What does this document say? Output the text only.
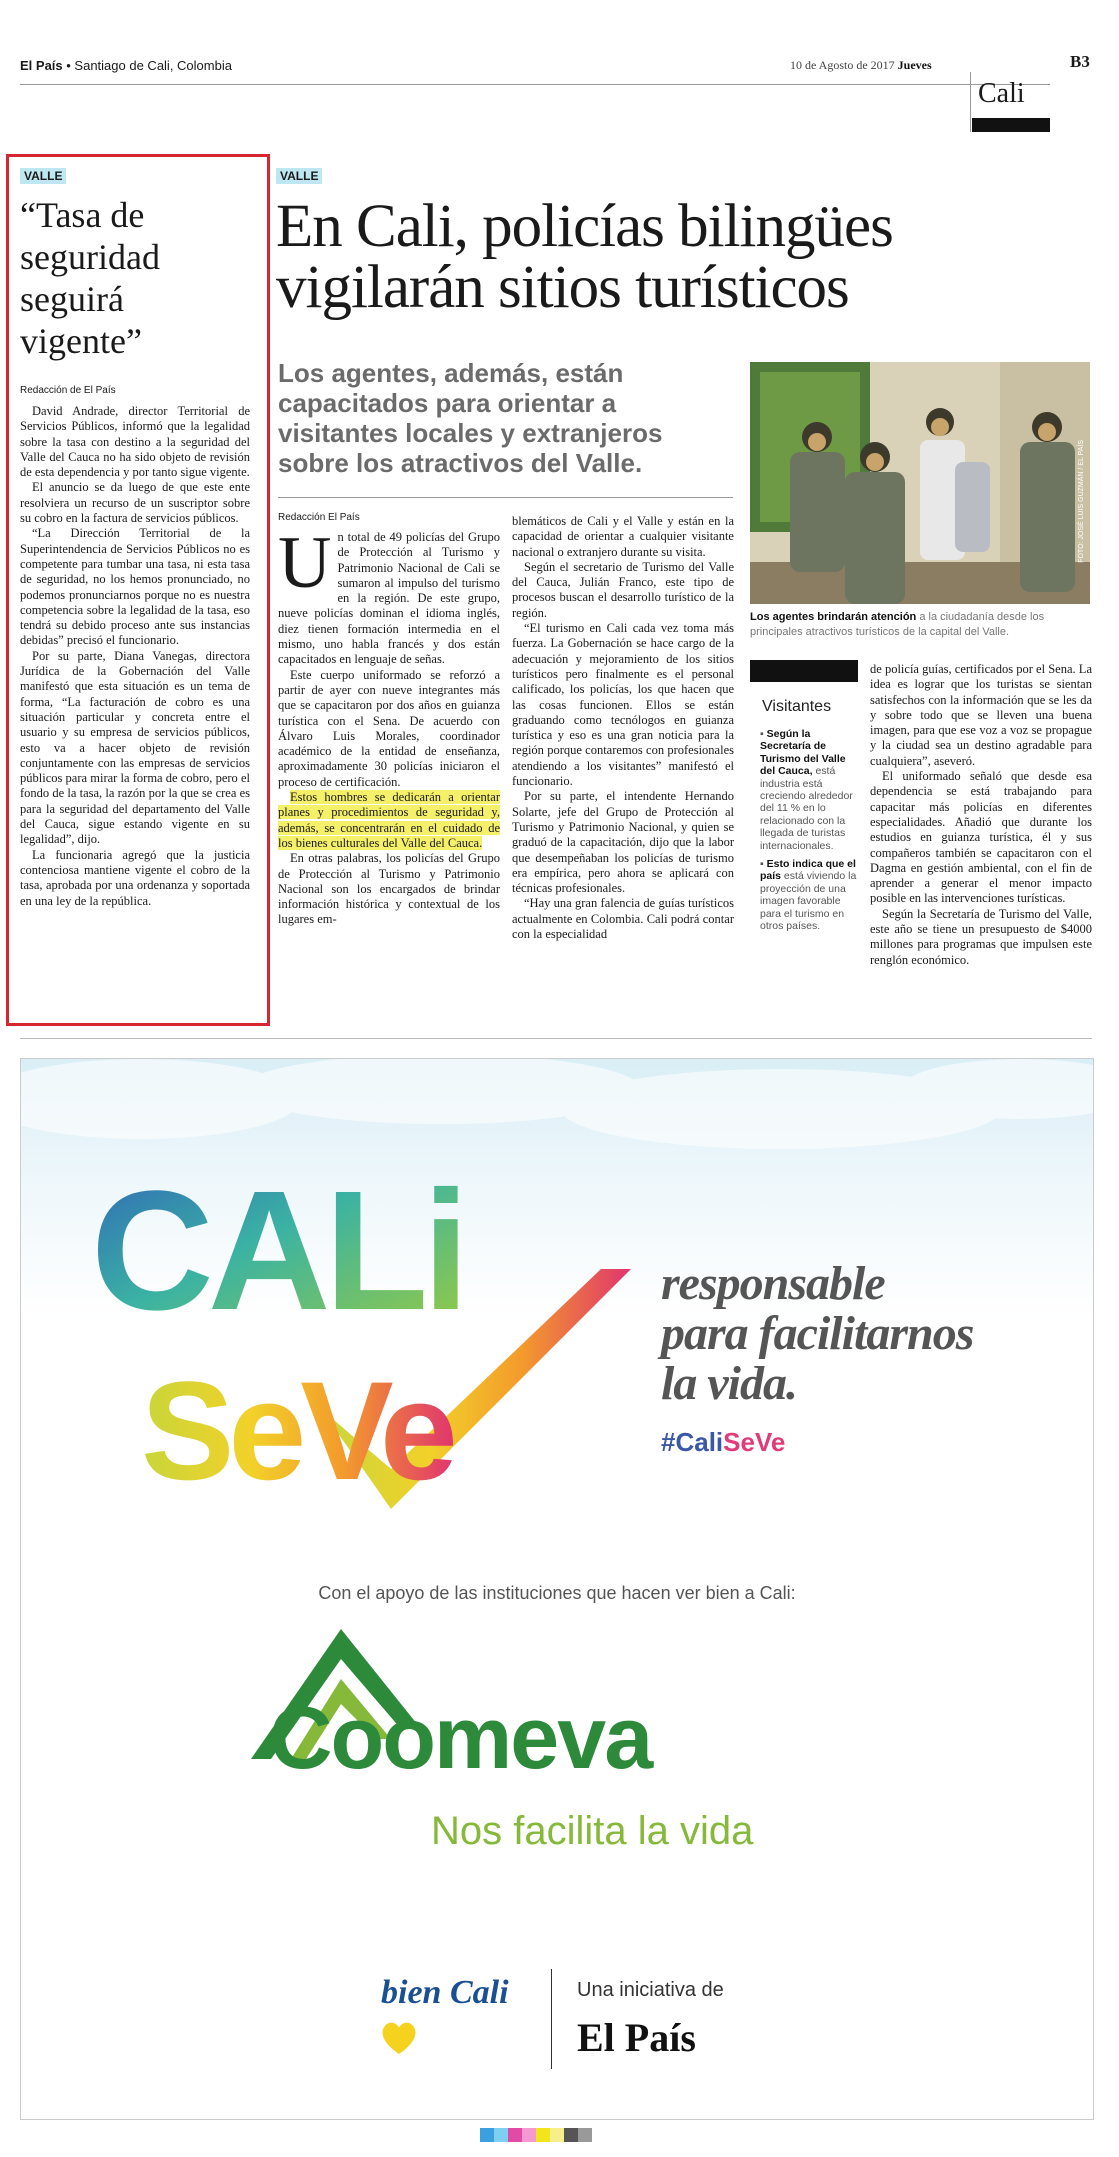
El País • Santiago de Cali, Colombia	10 de Agosto de 2017 Jueves	B3
Cali
VALLE
“Tasa de seguridad seguirá vigente”
Redacción de El País

David Andrade, director Territorial de Servicios Públicos, informó que la legalidad sobre la tasa con destino a la seguridad del Valle del Cauca no ha sido objeto de revisión de esta dependencia y por tanto sigue vigente.

El anuncio se da luego de que este ente resolviera un recurso de un suscriptor sobre su cobro en la factura de servicios públicos.

“La Dirección Territorial de la Superintendencia de Servicios Públicos no es competente para tumbar una tasa, ni esta tasa de seguridad, no los hemos pronunciado, no podemos pronunciarnos porque no es nuestra competencia sobre la legalidad de la tasa, eso tendrá su debido proceso ante sus instancias debidas” precisó el funcionario.

Por su parte, Diana Vanegas, directora Jurídica de la Gobernación del Valle manifestó que esta situación es un tema de forma, “La facturación de cobro es una situación particular y concreta entre el usuario y su empresa de servicios públicos, esto va a hacer objeto de revisión conjuntamente con las empresas de servicios públicos para mirar la forma de cobro, pero el fondo de la tasa, la razón por la que se crea es para la seguridad del departamento del Valle del Cauca, sigue estando vigente en su legalidad”, dijo.

La funcionaria agregó que la justicia contenciosa mantiene vigente el cobro de la tasa, aprobada por una ordenanza y soportada en una ley de la república.

VALLE
En Cali, policías bilingües vigilarán sitios turísticos
Los agentes, además, están capacitados para orientar a visitantes locales y extranjeros sobre los atractivos del Valle.
Redacción El País

Un total de 49 policías del Grupo de Protección al Turismo y Patrimonio Nacional de Cali se sumaron al impulso del turismo en la región. De este grupo, nueve policías dominan el idioma inglés, diez tienen formación intermedia en el mismo, uno habla francés y dos están capacitados en lenguaje de señas.

Este cuerpo uniformado se reforzó a partir de ayer con nueve integrantes más que se capacitaron por dos años en guianza turística con el Sena. De acuerdo con Álvaro Luis Morales, coordinador académico de la entidad de enseñanza, aproximadamente 30 policías iniciaron el proceso de certificación.

Estos hombres se dedicarán a orientar planes y procedimientos de seguridad y, además, se concentrarán en el cuidado de los bienes culturales del Valle del Cauca.

En otras palabras, los policías del Grupo de Protección al Turismo y Patrimonio Nacional son los encargados de brindar información histórica y contextual de los lugares em-

blemáticos de Cali y el Valle y están en la capacidad de orientar a cualquier visitante nacional o extranjero durante su visita.

Según el secretario de Turismo del Valle del Cauca, Julián Franco, este tipo de procesos buscan el desarrollo turístico de la región.

“El turismo en Cali cada vez toma más fuerza. La Gobernación se hace cargo de la adecuación y mejoramiento de los sitios turísticos pero finalmente es el personal calificado, los policías, los que hacen que las cosas funcionen. Ellos se están graduando como tecnólogos en guianza turística y eso es una gran noticia para la región porque contaremos con profesionales atendiendo a los visitantes” manifestó el funcionario.

Por su parte, el intendente Hernando Solarte, jefe del Grupo de Protección al Turismo y Patrimonio Nacional, y quien se graduó de la capacitación, dijo que la labor que desempeñaban los policías de turismo era empírica, pero ahora se aplicará con técnicas profesionales.

“Hay una gran falencia de guías turísticos actualmente en Colombia. Cali podrá contar con la especialidad

FOTO: JOSÉ LUIS GUZMÁN / EL PAÍS
Los agentes brindarán atención a la ciudadanía desde los principales atractivos turísticos de la capital del Valle.
Visitantes
▪ Según la Secretaría de Turismo del Valle del Cauca, está industria está creciendo alrededor del 11 % en lo relacionado con la llegada de turistas internacionales.
▪ Esto indica que el país está viviendo la proyección de una imagen favorable para el turismo en otros países.

de policía guías, certificados por el Sena. La idea es lograr que los turistas se sientan satisfechos con la información que se les da y sobre todo que se lleven una buena imagen, para que ese voz a voz se propague y la ciudad sea un destino agradable para cualquiera”, aseveró.

El uniformado señaló que desde esa dependencia se está trabajando para capacitar más policías en diferentes especialidades. Añadió que durante los estudios en guianza turística, él y sus compañeros también se capacitaron con el Dagma en gestión ambiental, con el fin de aprender a generar el menor impacto posible en las intervenciones turísticas.

Según la Secretaría de Turismo del Valle, este año se tiene un presupuesto de $4000 millones para programas que impulsen este renglón económico.

CALi
SeVe
responsable
para facilitarnos
la vida.
#CaliSeVe
Con el apoyo de las instituciones que hacen ver bien a Cali:
Coomeva
Nos facilita la vida
bien Cali	Una iniciativa de
El País
